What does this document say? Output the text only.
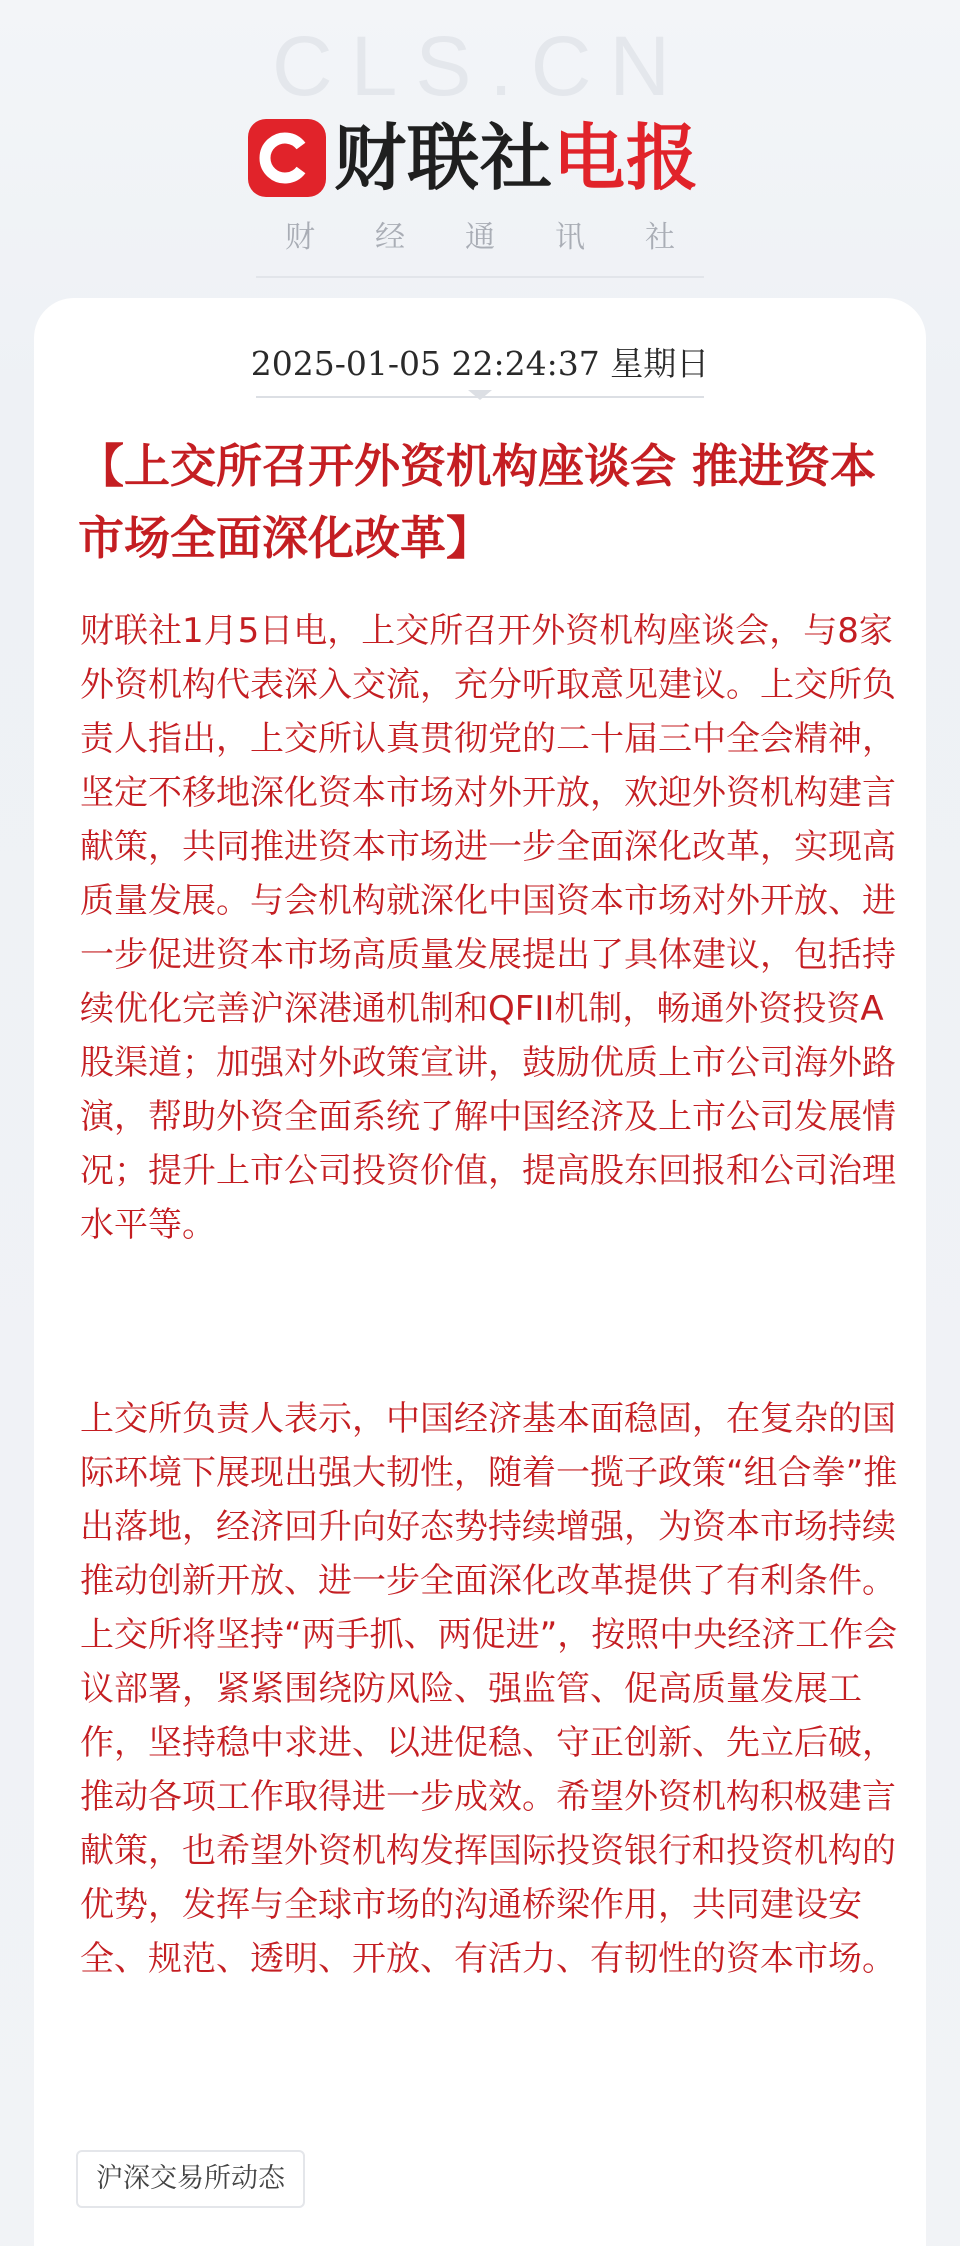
CLS.CN
财联社电报
财经通讯社
2025-01-05 22:24:37 星期日
【上交所召开外资机构座谈会 推进资本市场全面深化改革】
财联社1月5日电，上交所召开外资机构座谈会，与8家外资机构代表深入交流，充分听取意见建议。上交所负责人指出，上交所认真贯彻党的二十届三中全会精神，坚定不移地深化资本市场对外开放，欢迎外资机构建言献策，共同推进资本市场进一步全面深化改革，实现高质量发展。与会机构就深化中国资本市场对外开放、进一步促进资本市场高质量发展提出了具体建议，包括持续优化完善沪深港通机制和QFII机制，畅通外资投资A股渠道；加强对外政策宣讲，鼓励优质上市公司海外路演，帮助外资全面系统了解中国经济及上市公司发展情况；提升上市公司投资价值，提高股东回报和公司治理水平等。
上交所负责人表示，中国经济基本面稳固，在复杂的国际环境下展现出强大韧性，随着一揽子政策“组合拳”推出落地，经济回升向好态势持续增强，为资本市场持续推动创新开放、进一步全面深化改革提供了有利条件。上交所将坚持“两手抓、两促进”，按照中央经济工作会议部署，紧紧围绕防风险、强监管、促高质量发展工作，坚持稳中求进、以进促稳、守正创新、先立后破，推动各项工作取得进一步成效。希望外资机构积极建言献策，也希望外资机构发挥国际投资银行和投资机构的优势，发挥与全球市场的沟通桥梁作用，共同建设安全、规范、透明、开放、有活力、有韧性的资本市场。
沪深交易所动态
